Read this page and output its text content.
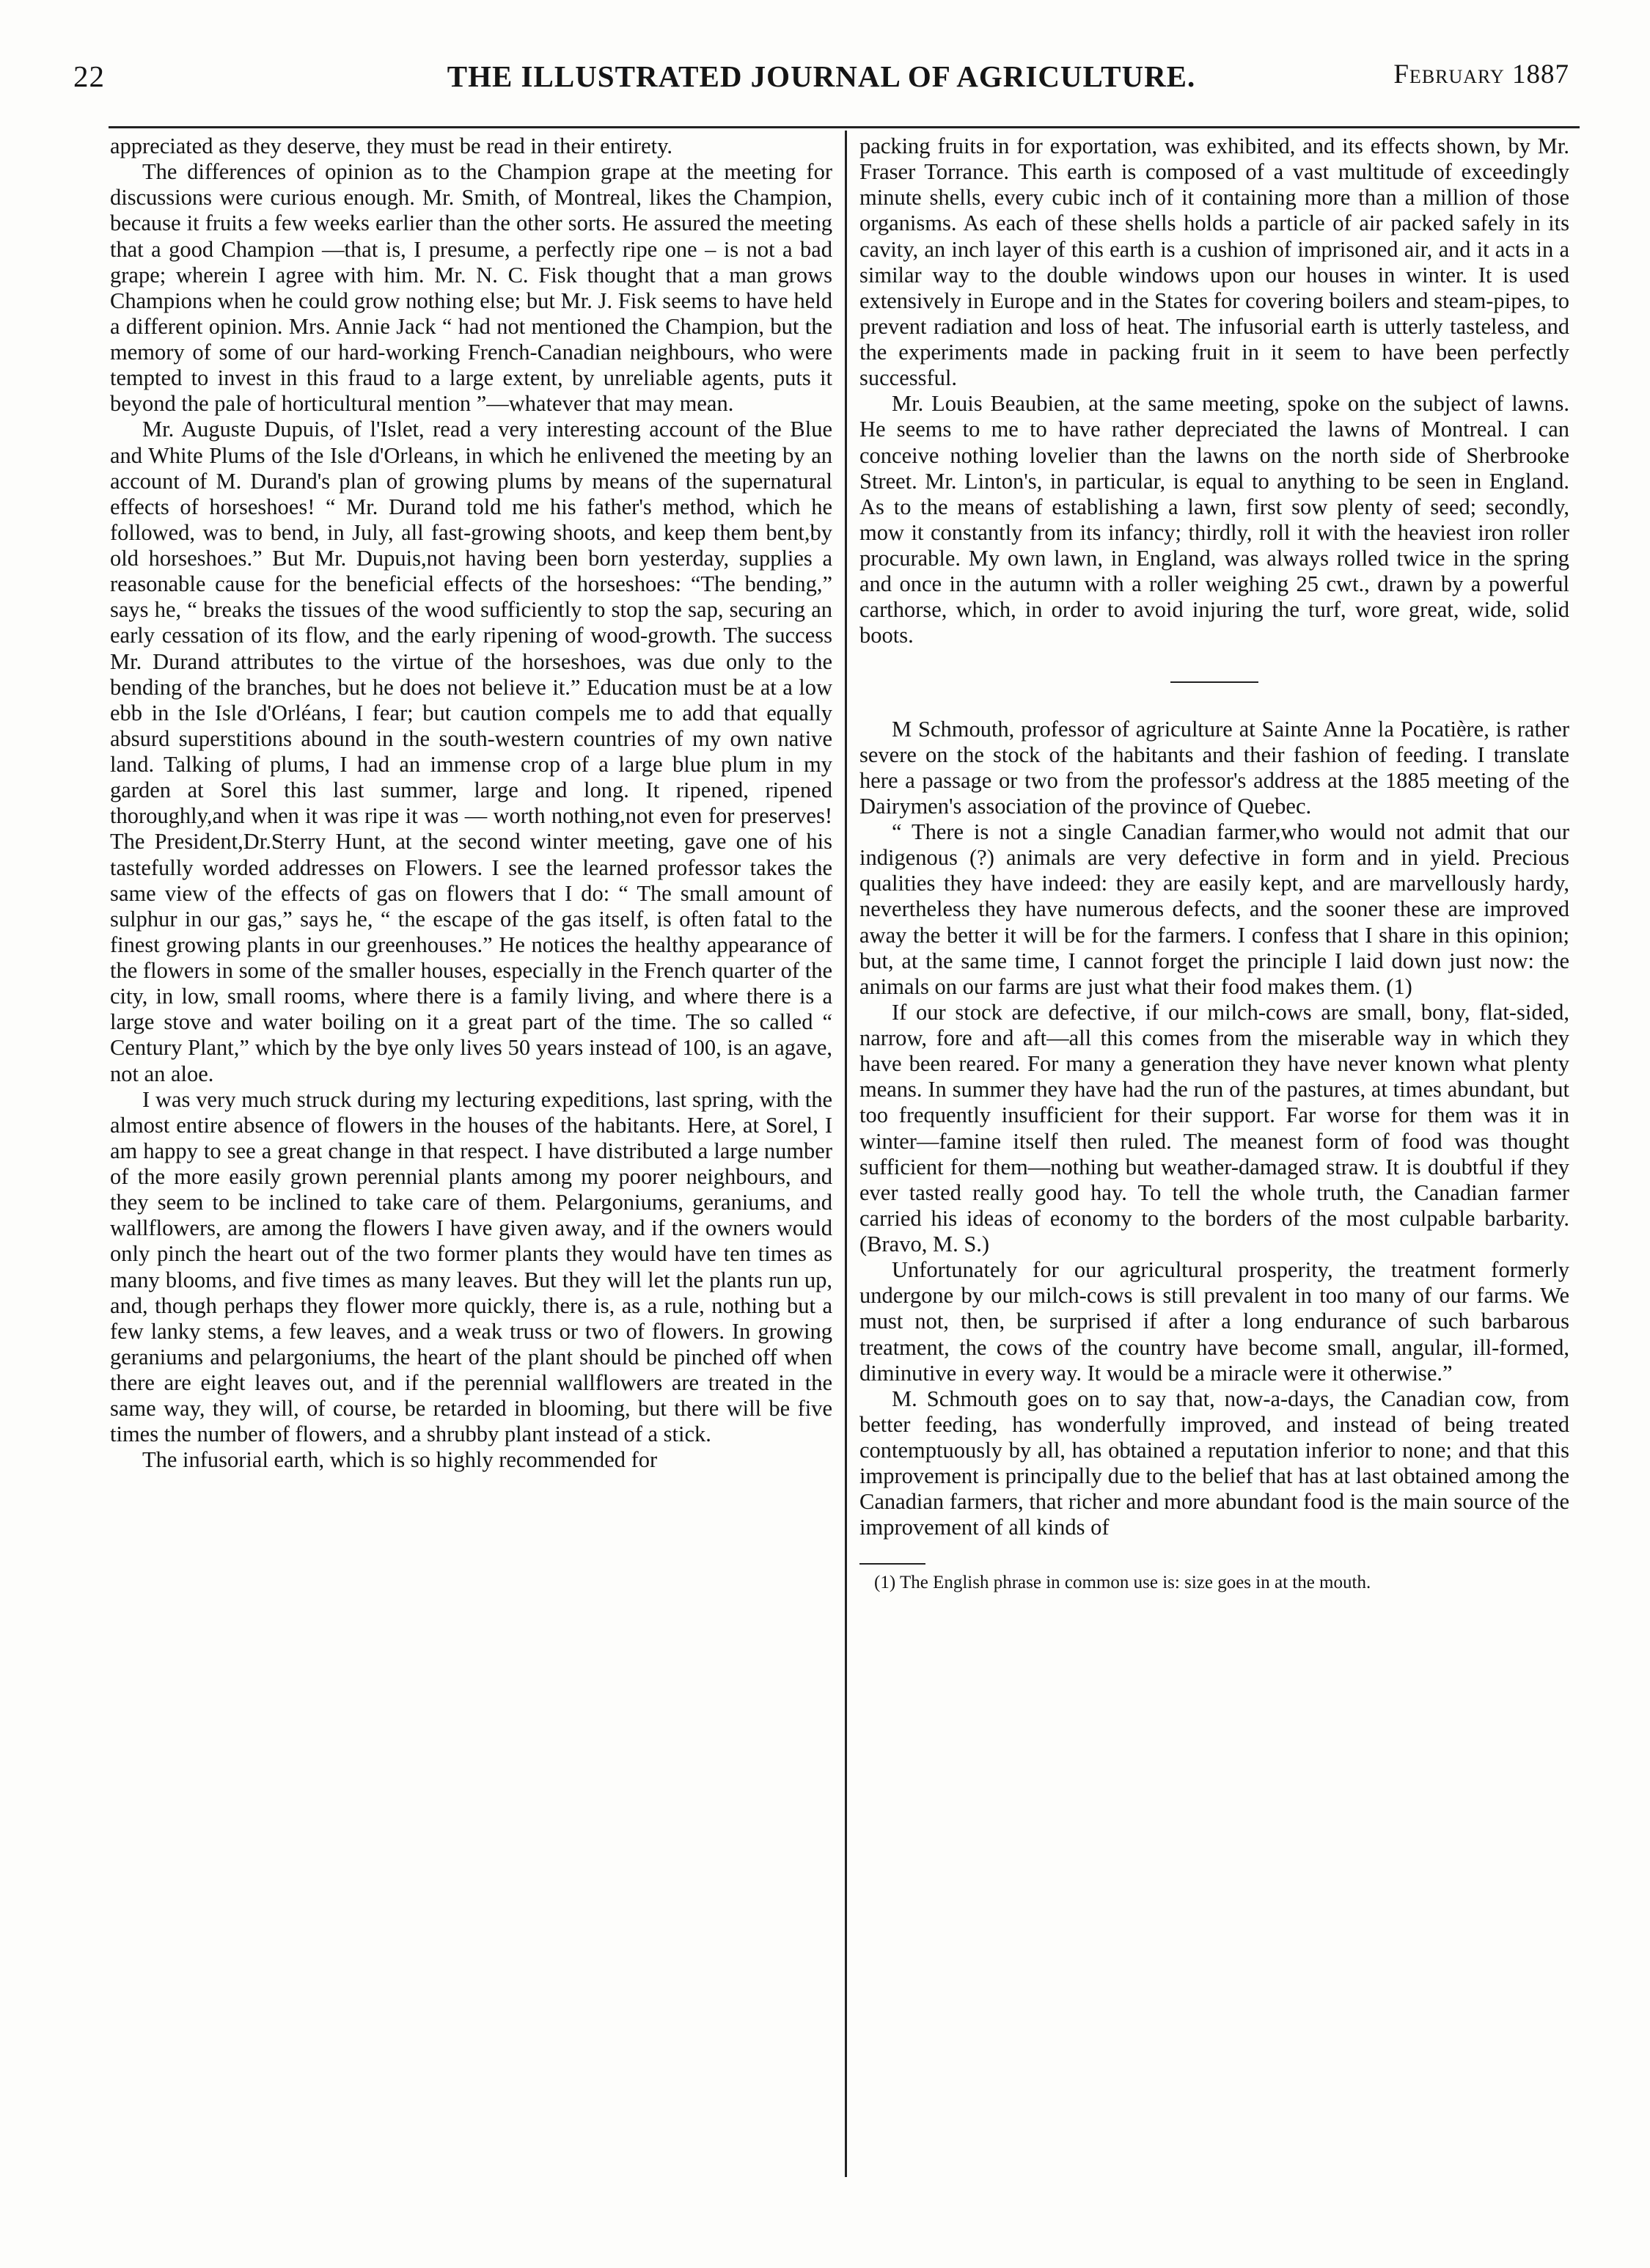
22	THE ILLUSTRATED JOURNAL OF AGRICULTURE.	February 1887

appreciated as they deserve, they must be read in their entirety.

The differences of opinion as to the Champion grape at the meeting for discussions were curious enough. Mr. Smith, of Montreal, likes the Champion, because it fruits a few weeks earlier than the other sorts. He assured the meeting that a good Champion —that is, I presume, a perfectly ripe one – is not a bad grape; wherein I agree with him. Mr. N. C. Fisk thought that a man grows Champions when he could grow nothing else; but Mr. J. Fisk seems to have held a different opinion. Mrs. Annie Jack “ had not mentioned the Champion, but the memory of some of our hard-working French-Canadian neighbours, who were tempted to invest in this fraud to a large extent, by unreliable agents, puts it beyond the pale of horticultural mention ”—whatever that may mean.

Mr. Auguste Dupuis, of l'Islet, read a very interesting account of the Blue and White Plums of the Isle d'Orleans, in which he enlivened the meeting by an account of M. Durand's plan of growing plums by means of the supernatural effects of horseshoes! “ Mr. Durand told me his father's method, which he followed, was to bend, in July, all fast-growing shoots, and keep them bent,by old horseshoes.” But Mr. Dupuis,not having been born yesterday, supplies a reasonable cause for the beneficial effects of the horseshoes: “The bending,” says he, “ breaks the tissues of the wood sufficiently to stop the sap, securing an early cessation of its flow, and the early ripening of wood-growth. The success Mr. Durand attributes to the virtue of the horseshoes, was due only to the bending of the branches, but he does not believe it.” Education must be at a low ebb in the Isle d'Orléans, I fear; but caution compels me to add that equally absurd superstitions abound in the south-western countries of my own native land. Talking of plums, I had an immense crop of a large blue plum in my garden at Sorel this last summer, large and long. It ripened, ripened thoroughly,and when it was ripe it was — worth nothing,not even for preserves! The President,Dr.Sterry Hunt, at the second winter meeting, gave one of his tastefully worded addresses on Flowers. I see the learned professor takes the same view of the effects of gas on flowers that I do: “ The small amount of sulphur in our gas,” says he, “ the escape of the gas itself, is often fatal to the finest growing plants in our greenhouses.” He notices the healthy appearance of the flowers in some of the smaller houses, especially in the French quarter of the city, in low, small rooms, where there is a family living, and where there is a large stove and water boiling on it a great part of the time. The so called “ Century Plant,” which by the bye only lives 50 years instead of 100, is an agave, not an aloe.

I was very much struck during my lecturing expeditions, last spring, with the almost entire absence of flowers in the houses of the habitants. Here, at Sorel, I am happy to see a great change in that respect. I have distributed a large number of the more easily grown perennial plants among my poorer neighbours, and they seem to be inclined to take care of them. Pelargoniums, geraniums, and wallflowers, are among the flowers I have given away, and if the owners would only pinch the heart out of the two former plants they would have ten times as many blooms, and five times as many leaves. But they will let the plants run up, and, though perhaps they flower more quickly, there is, as a rule, nothing but a few lanky stems, a few leaves, and a weak truss or two of flowers. In growing geraniums and pelargoniums, the heart of the plant should be pinched off when there are eight leaves out, and if the perennial wallflowers are treated in the same way, they will, of course, be retarded in blooming, but there will be five times the number of flowers, and a shrubby plant instead of a stick.

The infusorial earth, which is so highly recommended for

packing fruits in for exportation, was exhibited, and its effects shown, by Mr. Fraser Torrance. This earth is composed of a vast multitude of exceedingly minute shells, every cubic inch of it containing more than a million of those organisms. As each of these shells holds a particle of air packed safely in its cavity, an inch layer of this earth is a cushion of imprisoned air, and it acts in a similar way to the double windows upon our houses in winter. It is used extensively in Europe and in the States for covering boilers and steam-pipes, to prevent radiation and loss of heat. The infusorial earth is utterly tasteless, and the experiments made in packing fruit in it seem to have been perfectly successful.

Mr. Louis Beaubien, at the same meeting, spoke on the subject of lawns. He seems to me to have rather depreciated the lawns of Montreal. I can conceive nothing lovelier than the lawns on the north side of Sherbrooke Street. Mr. Linton's, in particular, is equal to anything to be seen in England. As to the means of establishing a lawn, first sow plenty of seed; secondly, mow it constantly from its infancy; thirdly, roll it with the heaviest iron roller procurable. My own lawn, in England, was always rolled twice in the spring and once in the autumn with a roller weighing 25 cwt., drawn by a powerful carthorse, which, in order to avoid injuring the turf, wore great, wide, solid boots.

M Schmouth, professor of agriculture at Sainte Anne la Pocatière, is rather severe on the stock of the habitants and their fashion of feeding. I translate here a passage or two from the professor's address at the 1885 meeting of the Dairymen's association of the province of Quebec.

“ There is not a single Canadian farmer,who would not admit that our indigenous (?) animals are very defective in form and in yield. Precious qualities they have indeed: they are easily kept, and are marvellously hardy, nevertheless they have numerous defects, and the sooner these are improved away the better it will be for the farmers. I confess that I share in this opinion; but, at the same time, I cannot forget the principle I laid down just now: the animals on our farms are just what their food makes them. (1)

If our stock are defective, if our milch-cows are small, bony, flat-sided, narrow, fore and aft—all this comes from the miserable way in which they have been reared. For many a generation they have never known what plenty means. In summer they have had the run of the pastures, at times abundant, but too frequently insufficient for their support. Far worse for them was it in winter—famine itself then ruled. The meanest form of food was thought sufficient for them—nothing but weather-damaged straw. It is doubtful if they ever tasted really good hay. To tell the whole truth, the Canadian farmer carried his ideas of economy to the borders of the most culpable barbarity. (Bravo, M. S.)

Unfortunately for our agricultural prosperity, the treatment formerly undergone by our milch-cows is still prevalent in too many of our farms. We must not, then, be surprised if after a long endurance of such barbarous treatment, the cows of the country have become small, angular, ill-formed, diminutive in every way. It would be a miracle were it otherwise.”

M. Schmouth goes on to say that, now-a-days, the Canadian cow, from better feeding, has wonderfully improved, and instead of being treated contemptuously by all, has obtained a reputation inferior to none; and that this improvement is principally due to the belief that has at last obtained among the Canadian farmers, that richer and more abundant food is the main source of the improvement of all kinds of

(1) The English phrase in common use is: size goes in at the mouth.
